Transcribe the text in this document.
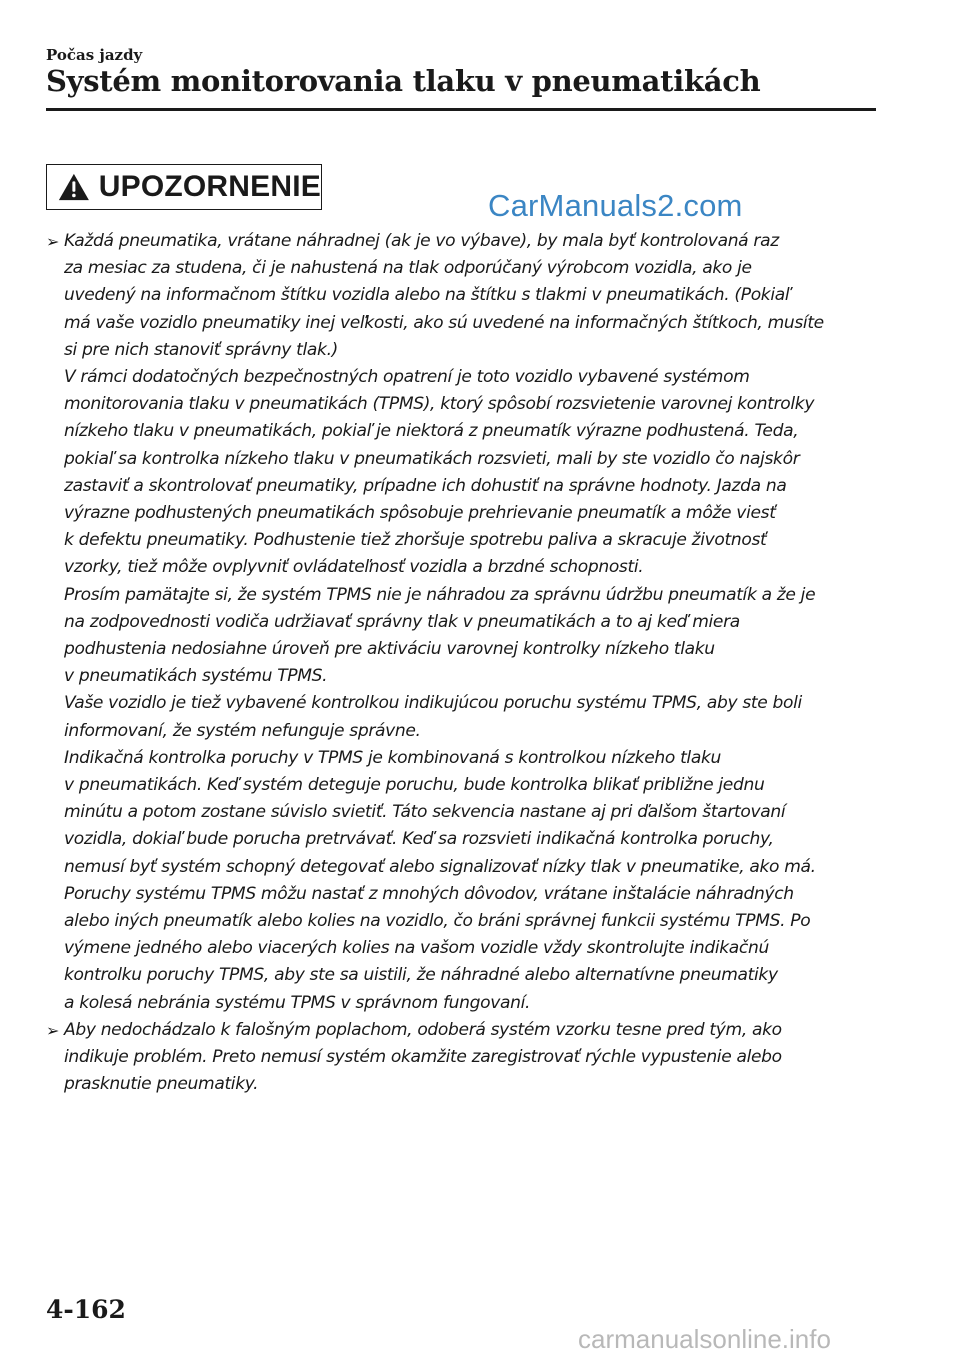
Počas jazdy
Systém monitorovania tlaku v pneumatikách
UPOZORNENIE
CarManuals2.com
➢ Každá pneumatika, vrátane náhradnej (ak je vo výbave), by mala byť kontrolovaná raz
za mesiac za studena, či je nahustená na tlak odporúčaný výrobcom vozidla, ako je
uvedený na informačnom štítku vozidla alebo na štítku s tlakmi v pneumatikách. (Pokiaľ
má vaše vozidlo pneumatiky inej veľkosti, ako sú uvedené na informačných štítkoch, musíte
si pre nich stanoviť správny tlak.)
V rámci dodatočných bezpečnostných opatrení je toto vozidlo vybavené systémom
monitorovania tlaku v pneumatikách (TPMS), ktorý spôsobí rozsvietenie varovnej kontrolky
nízkeho tlaku v pneumatikách, pokiaľ je niektorá z pneumatík výrazne podhustená. Teda,
pokiaľ sa kontrolka nízkeho tlaku v pneumatikách rozsvieti, mali by ste vozidlo čo najskôr
zastaviť a skontrolovať pneumatiky, prípadne ich dohustiť na správne hodnoty. Jazda na
výrazne podhustených pneumatikách spôsobuje prehrievanie pneumatík a môže viesť
k defektu pneumatiky. Podhustenie tiež zhoršuje spotrebu paliva a skracuje životnosť
vzorky, tiež môže ovplyvniť ovládateľnosť vozidla a brzdné schopnosti.
Prosím pamätajte si, že systém TPMS nie je náhradou za správnu údržbu pneumatík a že je
na zodpovednosti vodiča udržiavať správny tlak v pneumatikách a to aj keď miera
podhustenia nedosiahne úroveň pre aktiváciu varovnej kontrolky nízkeho tlaku
v pneumatikách systému TPMS.
Vaše vozidlo je tiež vybavené kontrolkou indikujúcou poruchu systému TPMS, aby ste boli
informovaní, že systém nefunguje správne.
Indikačná kontrolka poruchy v TPMS je kombinovaná s kontrolkou nízkeho tlaku
v pneumatikách. Keď systém deteguje poruchu, bude kontrolka blikať približne jednu
minútu a potom zostane súvislo svietiť. Táto sekvencia nastane aj pri ďalšom štartovaní
vozidla, dokiaľ bude porucha pretrvávať. Keď sa rozsvieti indikačná kontrolka poruchy,
nemusí byť systém schopný detegovať alebo signalizovať nízky tlak v pneumatike, ako má.
Poruchy systému TPMS môžu nastať z mnohých dôvodov, vrátane inštalácie náhradných
alebo iných pneumatík alebo kolies na vozidlo, čo bráni správnej funkcii systému TPMS. Po
výmene jedného alebo viacerých kolies na vašom vozidle vždy skontrolujte indikačnú
kontrolku poruchy TPMS, aby ste sa uistili, že náhradné alebo alternatívne pneumatiky
a kolesá nebránia systému TPMS v správnom fungovaní.
➢ Aby nedochádzalo k falošným poplachom, odoberá systém vzorku tesne pred tým, ako
indikuje problém. Preto nemusí systém okamžite zaregistrovať rýchle vypustenie alebo
prasknutie pneumatiky.
4-162
carmanualsonline.info
